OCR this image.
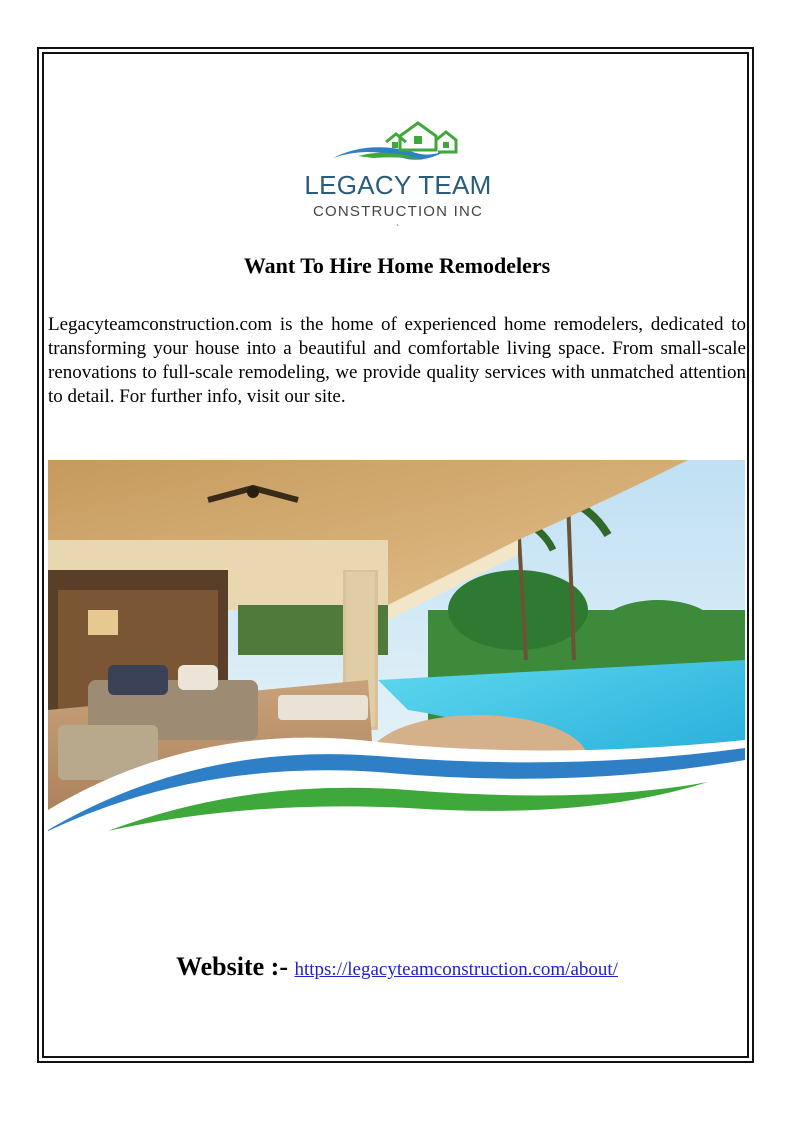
LEGACY TEAM
CONSTRUCTION INC
`
Want To Hire Home Remodelers

Legacyteamconstruction.com is the home of experienced home remodelers, dedicated to transforming your house into a beautiful and comfortable living space. From small-scale renovations to full-scale remodeling, we provide quality services with unmatched attention to detail. For further info, visit our site.

Website :- https://legacyteamconstruction.com/about/
